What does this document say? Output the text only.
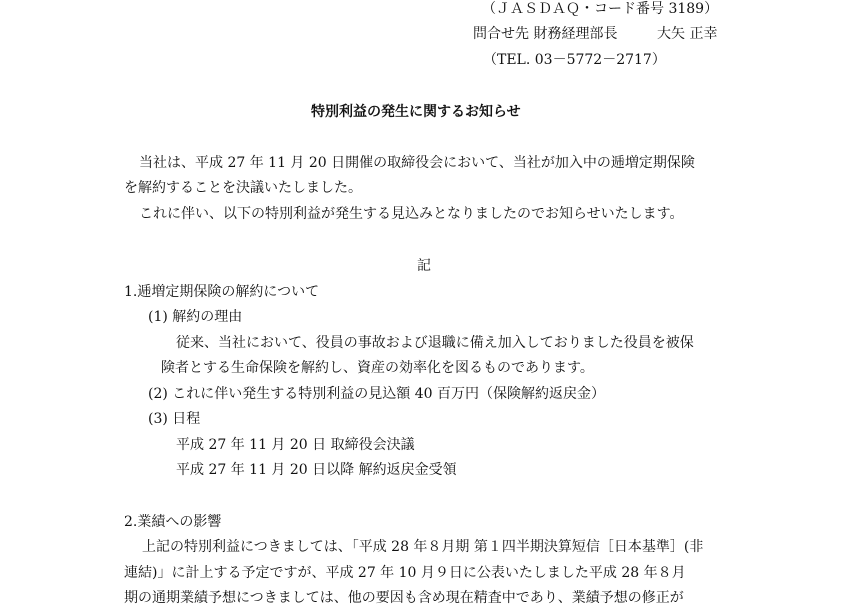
（ＪＡＳＤＡＱ・コード番号 3189）
問合せ先 財務経理部長	大矢 正幸
（TEL. 03－5772－2717）
特別利益の発生に関するお知らせ
当社は、平成 27 年 11 月 20 日開催の取締役会において、当社が加入中の逓増定期保険
を解約することを決議いたしました。
これに伴い、以下の特別利益が発生する見込みとなりましたのでお知らせいたします。
記
1.逓増定期保険の解約について
(1) 解約の理由
従来、当社において、役員の事故および退職に備え加入しておりました役員を被保
険者とする生命保険を解約し、資産の効率化を図るものであります。
(2) これに伴い発生する特別利益の見込額 40 百万円（保険解約返戻金）
(3) 日程
平成 27 年 11 月 20 日 取締役会決議
平成 27 年 11 月 20 日以降 解約返戻金受領
2.業績への影響
上記の特別利益につきましては、「平成 28 年８月期 第１四半期決算短信［日本基準］(非
連結)」に計上する予定ですが、平成 27 年 10 月９日に公表いたしました平成 28 年８月
期の通期業績予想につきましては、他の要因も含め現在精査中であり、業績予想の修正が
